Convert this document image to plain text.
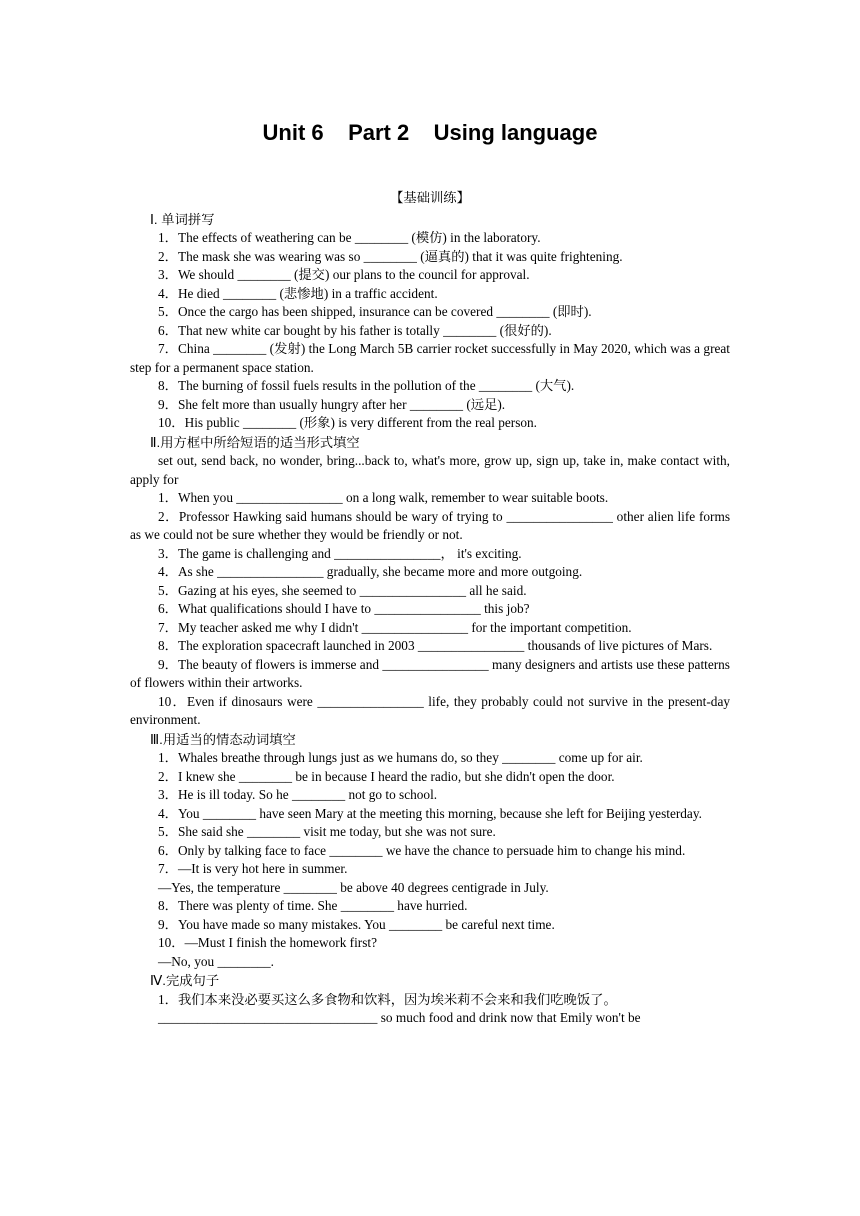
Unit 6    Part 2    Using language

【基础训练】

Ⅰ. 单词拼写

1．The effects of weathering can be ________ (模仿) in the laboratory.

2．The mask she was wearing was so ________ (逼真的) that it was quite frightening.

3．We should ________ (提交) our plans to the council for approval.

4．He died ________ (悲惨地) in a traffic accident.

5．Once the cargo has been shipped, insurance can be covered ________ (即时).

6．That new white car bought by his father is totally ________ (很好的).

7．China ________ (发射) the Long March 5B carrier rocket successfully in May 2020, which was a great step for a permanent space station.

8．The burning of fossil fuels results in the pollution of the ________ (大气).

9．She felt more than usually hungry after her ________ (远足).

10．His public ________ (形象) is very different from the real person.

Ⅱ.用方框中所给短语的适当形式填空

set out, send back, no wonder, bring...back to, what's more, grow up, sign up, take in, make contact with, apply for

1．When you ________________ on a long walk, remember to wear suitable boots.

2．Professor Hawking said humans should be wary of trying to ________________ other alien life forms as we could not be sure whether they would be friendly or not.

3．The game is challenging and ________________， it's exciting.

4．As she ________________ gradually, she became more and more outgoing.

5．Gazing at his eyes, she seemed to ________________ all he said.

6．What qualifications should I have to ________________ this job?

7．My teacher asked me why I didn't ________________ for the important competition.

8．The exploration spacecraft launched in 2003 ________________ thousands of live pictures of Mars.

9．The beauty of flowers is immerse and ________________ many designers and artists use these patterns of flowers within their artworks.

10．Even if dinosaurs were ________________ life, they probably could not survive in the present-day environment.

Ⅲ.用适当的情态动词填空

1．Whales breathe through lungs just as we humans do, so they ________ come up for air.

2．I knew she ________ be in because I heard the radio, but she didn't open the door.

3．He is ill today. So he ________ not go to school.

4．You ________ have seen Mary at the meeting this morning, because she left for Beijing yesterday.

5．She said she ________ visit me today, but she was not sure.

6．Only by talking face to face ________ we have the chance to persuade him to change his mind.

7．—It is very hot here in summer.

—Yes, the temperature ________ be above 40 degrees centigrade in July.

8．There was plenty of time. She ________ have hurried.

9．You have made so many mistakes. You ________ be careful next time.

10．—Must I finish the homework first?

—No, you ________.

Ⅳ.完成句子

1．我们本来没必要买这么多食物和饮料，因为埃米莉不会来和我们吃晚饭了。

_________________________________ so much food and drink now that Emily won't be
